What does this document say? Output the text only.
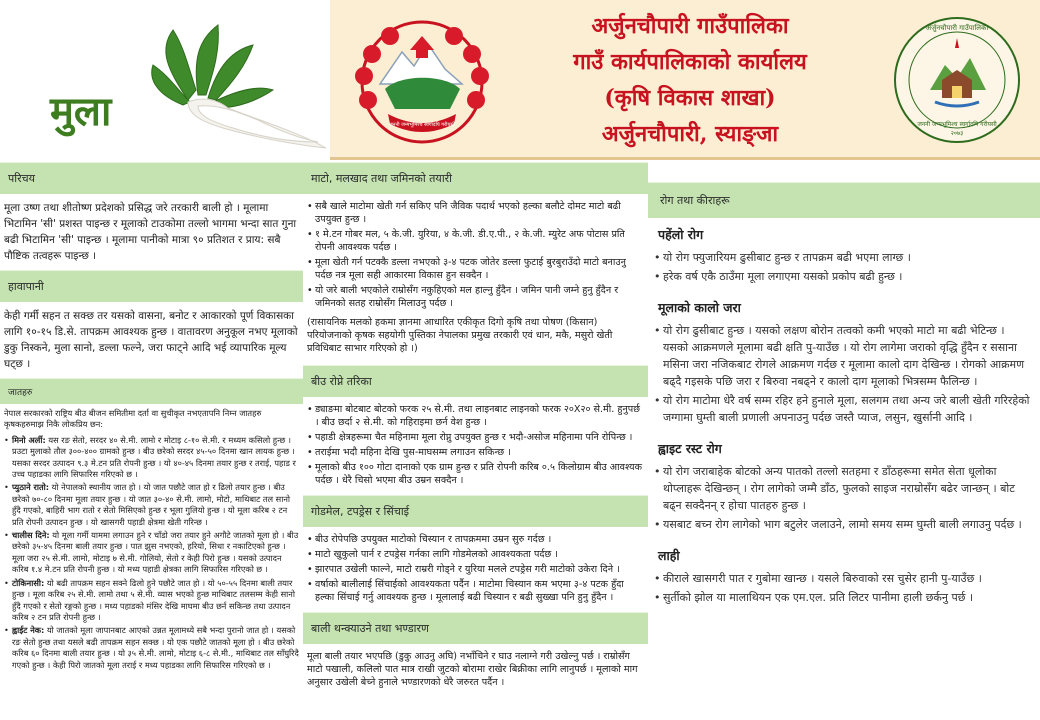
मुला	जननी जन्मभूमिश्च स्वर्गादपि गरीयसी
अर्जुनचौपारी गाउँपालिका
गाउँ कार्यपालिकाको कार्यालय
(कृषि विकास शाखा)
अर्जुनचौपारी, स्याङ्जा
अर्जुनचौपारी गाउँपालिका
जननी जन्मभूमिश्च स्वर्गादपि गरीयसी
२०७३
परिचय
मूला उष्ण तथा शीतोष्ण प्रदेशको प्रसिद्ध जरे तरकारी बाली हो । मूलामा भिटामिन 'सी' प्रशस्त पाइन्छ र मूलाको टाउकोमा तल्लो भागमा भन्दा सात गुना बढी भिटामिन 'सी' पाइन्छ । मूलामा पानीको मात्रा ९० प्रतिशत र प्राय: सबै पौष्टिक तत्वहरू पाइन्छ ।
हावापानी
केही गर्मी सहन त सक्छ तर यसको वासना, बनोट र आकारको पूर्ण विकासका लागि १०-१५ डि.से. तापक्रम आवश्यक हुन्छ । वातावरण अनुकूल नभए मूलाको डुकु निस्कने, मुला सानो, डल्ला फल्ने, जरा फाट्ने आदि भई व्यापारिक मूल्य घट्छ ।
जातहरु

नेपाल सरकारको राष्ट्रिय बीउ बीजन समितीमा दर्ता वा सुचीकृत नभएतापनि निम्न जातहरु कृषकहरुमाझ निकै लोकप्रिय छन:

• मिनो अर्ली: यस रङ सेतो, सरदर ४० से.मी. लामो र मोटाइ ८-१० से.मी. र मध्यम कसिलो हुन्छ । प्रउटा मुलाको तौल ३००-४०० ग्रामको हुन्छ । बीउ छरेको सरदर ४५-५० दिनमा खान लायक हुन्छ । यसका सरदर उत्पादन ९.३ मे.टन प्रति रोपनी हुन्छ । यो ४०-४५ दिनमा तयार हुन्छ र तराई, पहाड र उच्च पहाडका लागि सिफारिस गरिएको छ ।
• प्युठाने रातो: यो नेपालको स्थानीय जात हो । यो जात पछौटे जात हो र ढिलो तयार हुन्छ । बीउ छरेको ७०-८० दिनमा मूला तयार हुन्छ । यो जात ३०-४० से.मी. लामो, मोटो, माथिबाट तल सानो हुँदै गएको, बाहिरी भाग रातो र सेतो मिसिएको हुन्छ र भूला गुलियो हुन्छ । यो मूला करिब २ टन प्रति रोपनी उत्पादन हुन्छ । यो खासगरी पहाडी क्षेत्रमा खेती गरिन्छ ।
• चालीस दिने: यो मूला गर्मी याममा लगाउन हुने र चाँडो जरा तयार हुने अगौटे जातको मूला हो । बीउ छरेको ३५-४५ दिनमा बाली तयार हुन्छ । पात झुस नभएको, हरियो, सिधा र नकाटिएको हुन्छ । मूला जरा २५ से.मी. लामो, मोटाइ ७ से.मी. गोलियो, सेतो र केही पिरो हुन्छ । यसको उत्पादन करिब १.४ मे.टन प्रति रोपनी हुन्छ । यो मध्य पहाडी क्षेत्रका लागि सिफारिस गरिएको छ ।
• टोकिनासी: यो बढी तापक्रम सहन सक्ने ढिलो हुने पछौटे जात हो । यो ५०-५५ दिनमा बाली तयार हुन्छ । मूला करिब २५ से.मी. लामो तथा ५ से.मी. व्यास भएको हुन्छ माथिबाट तलसम्म केही सानो हुँदै गएको र सेतो रङ्गको हुन्छ । मध्य पहाडको मंसिर देखि माघमा बीउ छर्न सकिन्छ तथा उत्पादन करिब २ टन प्रति रोपनी हुन्छ ।
• ह्वाईट नेक: यो जातको मूला जापानबाट आएको उन्नत मूलामध्ये सबै भन्दा पुरानो जात हो । यसको रङ सेतो हुन्छ तथा यसले बढी तापक्रम सहन सक्छ । यो एक पछौटे जातको मूला हो । बीउ छरेको करिब ६० दिनमा बाली तयार हुन्छ । यो ३५ से.मी. लामो, मोटाइ ६-८ से.मी., माथिबाट तल साँघुरिदै गएको हुन्छ । केही पिरो जातको मूला तराई र मध्य पहाडका लागि सिफारिस गरिएको छ ।
माटो, मलखाद तथा जमिनको तयारी
• सबै खाले माटोमा खेती गर्न सकिए पनि जैविक पदार्थ भएको हल्का बलौटे दोमट माटो बढी उपयुक्त हुन्छ ।
• १ मे.टन गोबर मल, ५ के.जी. युरिया, ४ के.जी. डी.ए.पी., २ के.जी. म्युरेट अफ पोटास प्रति रोपनी आवश्यक पर्दछ ।
• मूला खेती गर्न पटक्कै डल्ला नभएको ३-४ पटक जोतेर डल्ला फुटाई बुरबुराउँदो माटो बनाउनु पर्दछ नत्र मूला सही आकारमा विकास हुन सक्दैन ।
• यो जरे बाली भएकोले राम्रोसँग नकुहिएको मल हाल्नु हुँदैन । जमिन पानी जम्ने हुनु हुँदैन र जमिनको सतह राम्रोसँग मिलाउनु पर्दछ ।

(रासायनिक मलको हकमा ज्ञानमा आधारित एकीकृत दिगो कृषि तथा पोषण (किसान) परियोजनाको कृषक सहयोगी पुस्तिका नेपालका प्रमुख तरकारी एवं धान, मकै, मसुरो खेती प्रविधिबाट साभार गरिएको हो ।)

बीउ रोप्ने तरिका
• ड्याङमा बोटबाट बोटको फरक २५ से.मी. तथा लाइनबाट लाइनको फरक २०X२० से.मी. हुनुपर्छ । बीउ छर्दा २ से.मी. को गहिराइमा छर्न वेश हुन्छ ।
• पहाडी क्षेत्रहरूमा चैत महिनामा मूला रोप्नु उपयुक्त हुन्छ र भदौ-असोज महिनामा पनि रोपिन्छ ।
• तराईमा भदौ महिना देखि पुस-माघसम्म लगाउन सकिन्छ ।
• मूलाको बीउ १०० गोटा दानाको एक ग्राम हुन्छ र प्रति रोपनी करिब ०.५ किलोग्राम बीउ आवश्यक पर्दछ । धेरै चिसो भएमा बीउ उम्रन सक्दैन ।
गोडमेल, टपड्रेस र सिंचाई
• बीउ रोपेपछि उपयुक्त माटोको चिस्यान र तापक्रममा उम्रन सुरु गर्दछ ।
• माटो खुकुलो पार्न र टपड्रेस गर्नका लागि गोडमेलको आवश्यकता पर्दछ ।
• झारपात उखेली फाल्ने, माटो राम्ररी गोड्ने र युरिया मलले टपड्रेस गरी माटोको उकेरा दिने ।
• वर्षाको बालीलाई सिंचाईको आवश्यकता पर्दैन । माटोमा चिस्यान कम भएमा ३-४ पटक हुँदा हल्का सिंचाई गर्नु आवश्यक हुन्छ । मूलालाई बढी चिस्यान र बढी सुख्खा पनि हुनु हुँदैन ।
बाली थन्क्याउने तथा भण्डारण
मूला बाली तयार भएपछि (डुकु आउनु अघि) नभाँचिने र घाउ नलाग्ने गरी उखेल्नु पर्छ । राम्रोसँग माटो पखाली, कलिलो पात मात्र राखी जुटको बोरामा राखेर बिक्रीका लागि लानुपर्छ । मूलाको माग अनुसार उखेली बेच्ने हुनाले भण्डारणको धेरै जरुरत पर्दैन ।
रोग तथा कीराहरू
पहेंलो रोग
• यो रोग फ्युजारियम ढुसीबाट हुन्छ र तापक्रम बढी भएमा लाग्छ ।
• हरेक वर्ष एकै ठाउँमा मूला लगाएमा यसको प्रकोप बढी हुन्छ ।
मूलाको कालो जरा
• यो रोग ढुसीबाट हुन्छ । यसको लक्षण बोरोन तत्वको कमी भएको माटो मा बढी भेटिन्छ । यसको आक्रमणले मूलामा बढी क्षति पु-याउँछ । यो रोग लागेमा जराको वृद्धि हुँदैन र ससाना मसिना जरा नजिकबाट रोगले आक्रमण गर्दछ र मूलामा कालो दाग देखिन्छ । रोगको आक्रमण बढ्दै गइसके पछि जरा र बिरुवा नबढ्ने र कालो दाग मूलाको भित्रसम्म फैलिन्छ ।
• यो रोग माटोमा धेरै वर्ष सम्म रहिर हने हुनाले मूला, सलगम तथा अन्य जरे बाली खेती गरिरहेको जग्गामा घुम्ती बाली प्रणाली अपनाउनु पर्दछ जस्तै प्याज, लसुन, खुर्सानी आदि ।
ह्वाइट रस्ट रोग
• यो रोग जराबाहेक बोटको अन्य पातको तल्लो सतहमा र डाँठहरूमा समेत सेता धूलोका थोप्लाहरू देखिन्छन् । रोग लागेको जम्मै डाँठ, फुलको साइज नराम्रोसँग बढेर जान्छन् । बोट बढ्न सक्दैनन् र होचा पातहरु हुन्छ ।
• यसबाट बच्न रोग लागेको भाग बटुलेर जलाउने, लामो समय सम्म घुम्ती बाली लगाउनु पर्दछ ।
लाही
• कीराले खासगरी पात र गुबोमा खान्छ । यसले बिरुवाको रस चुसेर हानी पु-याउँछ ।
• सुर्तीको झोल या मालाथियन एक एम.एल. प्रति लिटर पानीमा हाली छर्कनु पर्छ ।
